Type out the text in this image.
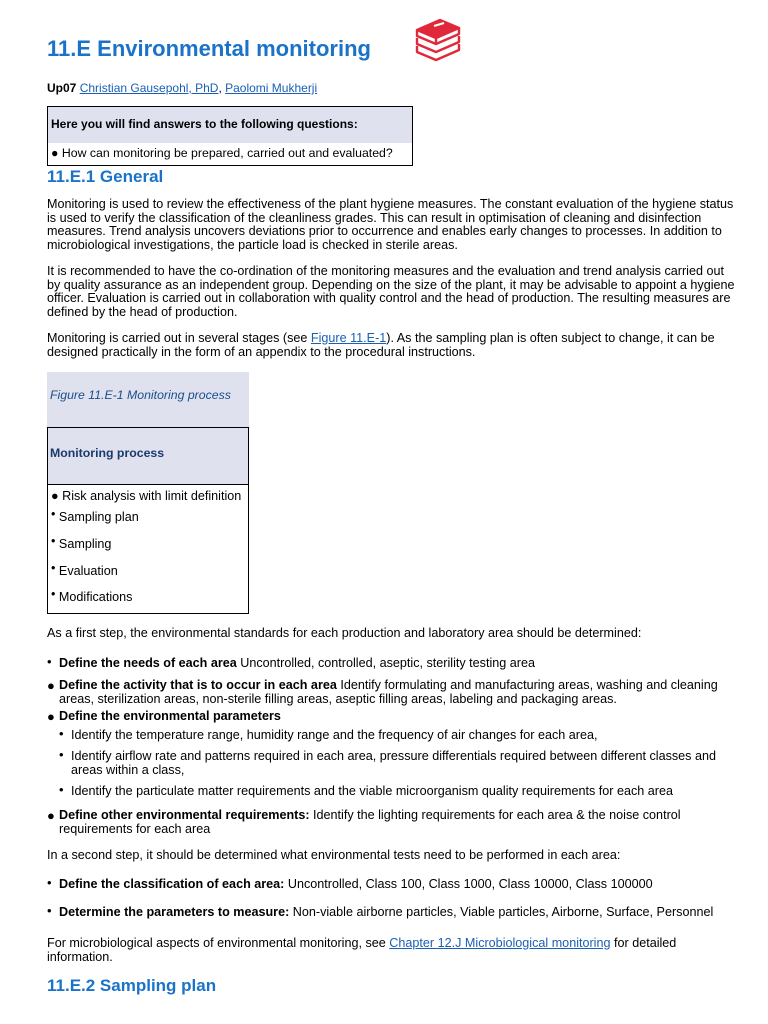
11.E Environmental monitoring
Up07 Christian Gausepohl, PhD, Paolomi Mukherji
Here you will find answers to the following questions:
● How can monitoring be prepared, carried out and evaluated?
11.E.1 General

Monitoring is used to review the effectiveness of the plant hygiene measures. The constant evaluation of the hygiene status is used to verify the classification of the cleanliness grades. This can result in optimisation of cleaning and disinfection measures. Trend analysis uncovers deviations prior to occurrence and enables early changes to processes. In addition to microbiological investigations, the particle load is checked in sterile areas.

It is recommended to have the co-ordination of the monitoring measures and the evaluation and trend analysis carried out by quality assurance as an independent group. Depending on the size of the plant, it may be advisable to appoint a hygiene officer. Evaluation is carried out in collaboration with quality control and the head of production. The resulting measures are defined by the head of production.

Monitoring is carried out in several stages (see Figure 11.E-1). As the sampling plan is often subject to change, it can be designed practically in the form of an appendix to the procedural instructions.

Figure 11.E-1 Monitoring process
Monitoring process
● Risk analysis with limit definition
• Sampling plan
• Sampling
• Evaluation
• Modifications

As a first step, the environmental standards for each production and laboratory area should be determined:

• Define the needs of each area Uncontrolled, controlled, aseptic, sterility testing area
● Define the activity that is to occur in each area Identify formulating and manufacturing areas, washing and cleaning areas, sterilization areas, non-sterile filling areas, aseptic filling areas, labeling and packaging areas.
● Define the environmental parameters
• Identify the temperature range, humidity range and the frequency of air changes for each area,
• Identify airflow rate and patterns required in each area, pressure differentials required between different classes and areas within a class,
• Identify the particulate matter requirements and the viable microorganism quality requirements for each area
● Define other environmental requirements: Identify the lighting requirements for each area & the noise control requirements for each area

In a second step, it should be determined what environmental tests need to be performed in each area:

• Define the classification of each area: Uncontrolled, Class 100, Class 1000, Class 10000, Class 100000
• Determine the parameters to measure: Non-viable airborne particles, Viable particles, Airborne, Surface, Personnel

For microbiological aspects of environmental monitoring, see Chapter 12.J Microbiological monitoring for detailed information.

11.E.2 Sampling plan
